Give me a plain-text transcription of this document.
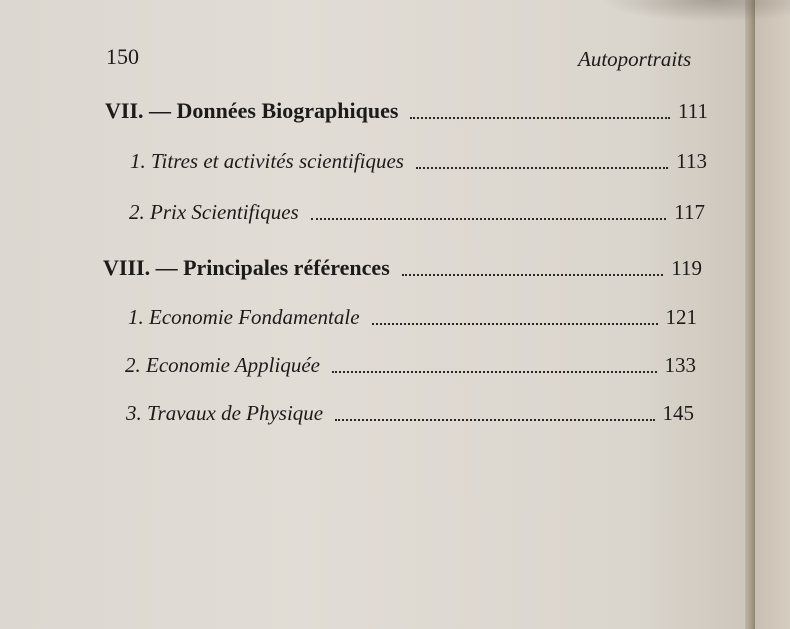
150	Autoportraits
VII. — Données Biographiques	111
1. Titres et activités scientifiques	113
2. Prix Scientifiques	117
VIII. — Principales références	119
1. Economie Fondamentale	121
2. Economie Appliquée	133
3. Travaux de Physique	145
